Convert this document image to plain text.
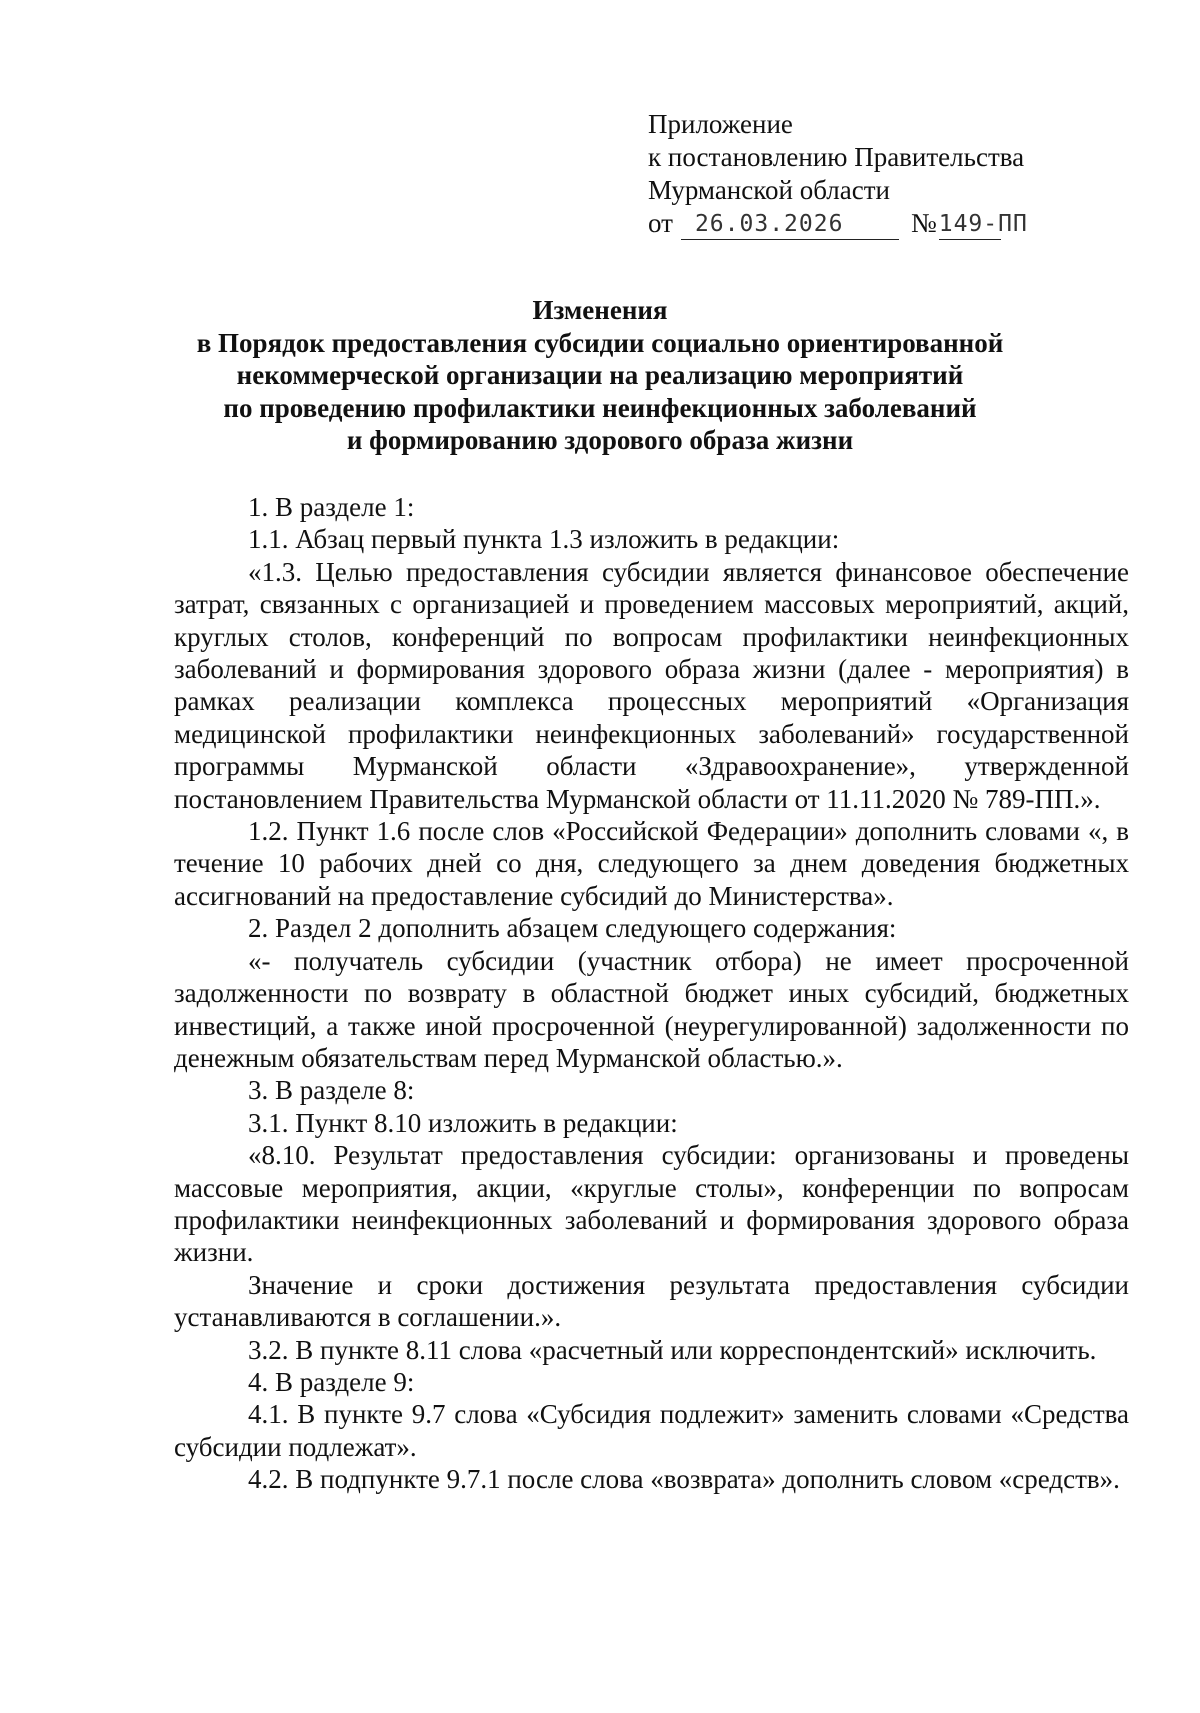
Приложение
к постановлению Правительства
Мурманской области
от 26.03.2026	№ 149-ПП
Изменения
в Порядок предоставления субсидии социально ориентированной
некоммерческой организации на реализацию мероприятий
по проведению профилактики неинфекционных заболеваний
и формированию здорового образа жизни

1. В разделе 1:

1.1. Абзац первый пункта 1.3 изложить в редакции:

«1.3. Целью предоставления субсидии является финансовое обеспечение затрат, связанных с организацией и проведением массовых мероприятий, акций, круглых столов, конференций по вопросам профилактики неинфекционных заболеваний и формирования здорового образа жизни (далее - мероприятия) в рамках реализации комплекса процессных мероприятий «Организация медицинской профилактики неинфекционных заболеваний» государственной программы Мурманской области «Здравоохранение», утвержденной постановлением Правительства Мурманской области от 11.11.2020 № 789-ПП.».

1.2. Пункт 1.6 после слов «Российской Федерации» дополнить словами «, в течение 10 рабочих дней со дня, следующего за днем доведения бюджетных ассигнований на предоставление субсидий до Министерства».

2. Раздел 2 дополнить абзацем следующего содержания:

«- получатель субсидии (участник отбора) не имеет просроченной задолженности по возврату в областной бюджет иных субсидий, бюджетных инвестиций, а также иной просроченной (неурегулированной) задолженности по денежным обязательствам перед Мурманской областью.».

3. В разделе 8:

3.1. Пункт 8.10 изложить в редакции:

«8.10. Результат предоставления субсидии: организованы и проведены массовые мероприятия, акции, «круглые столы», конференции по вопросам профилактики неинфекционных заболеваний и формирования здорового образа жизни.

Значение и сроки достижения результата предоставления субсидии устанавливаются в соглашении.».

3.2. В пункте 8.11 слова «расчетный или корреспондентский» исключить.

4. В разделе 9:

4.1. В пункте 9.7 слова «Субсидия подлежит» заменить словами «Средства субсидии подлежат».

4.2. В подпункте 9.7.1 после слова «возврата» дополнить словом «средств».
